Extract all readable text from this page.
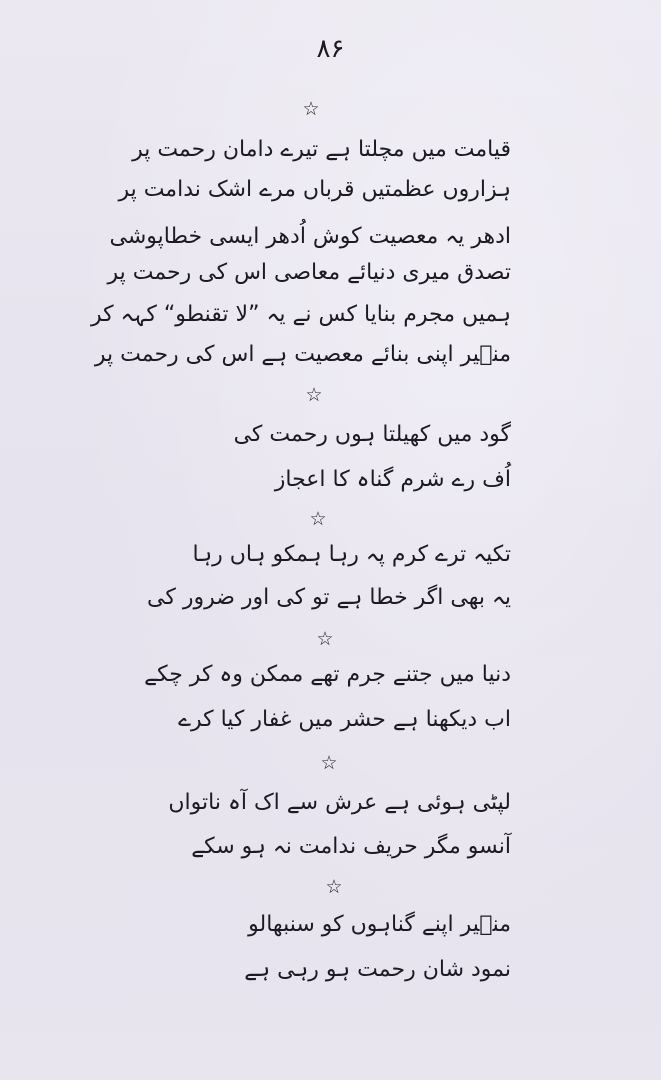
۸۶
☆
قیامت میں مچلتا ہے تیرے دامان رحمت پر
ہزاروں عظمتیں قرباں مرے اشک ندامت پر
ادھر یہ معصیت کوش اُدھر ایسی خطاپوشی
تصدق میری دنیائے معاصی اس کی رحمت پر
ہمیں مجرم بنایا کس نے یہ ”لا تقنطو“ کہہ کر
منؔیر اپنی بنائے معصیت ہے اس کی رحمت پر
☆
گود میں کھیلتا ہوں رحمت کی
اُف رے شرم گناہ کا اعجاز
☆
تکیہ ترے کرم پہ رہا ہمکو ہاں رہا
یہ بھی اگر خطا ہے تو کی اور ضرور کی
☆
دنیا میں جتنے جرم تھے ممکن وہ کر چکے
اب دیکھنا ہے حشر میں غفار کیا کرے
☆
لپٹی ہوئی ہے عرش سے اک آہ ناتواں
آنسو مگر حریف ندامت نہ ہو سکے
☆
منؔیر اپنے گناہوں کو سنبھالو
نمود شان رحمت ہو رہی ہے
